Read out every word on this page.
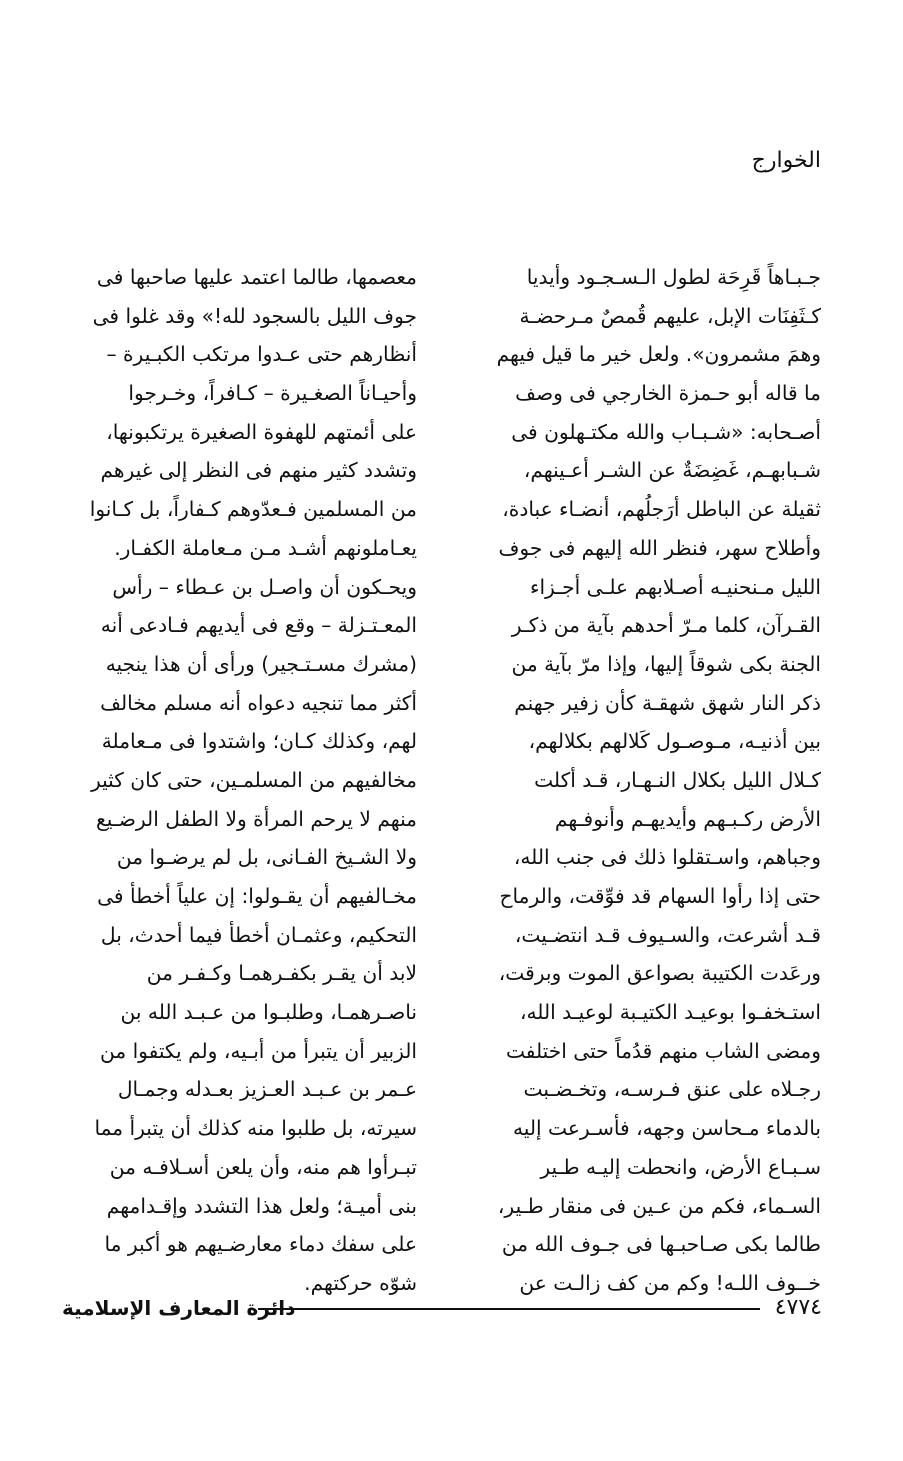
الخوارج
جـبـاهاً قَرِحَة لطول الـسـجـود وأيديا
كـثَفِنَات الإبل، عليهم قُمصٌ مـرحضـة
وهمَ مشمرون». ولعل خير ما قيل فيهم
ما قاله أبو حـمزة الخارجي فى وصف
أصـحابه: «شـبـاب والله مكتـهلون فى
شـبابهـم، غَضِضَةٌ عن الشـر أعـينهم،
ثقيلة عن الباطل أرَجلُهم، أنضـاء عبادة،
وأطلاح سهر، فنظر الله إليهم فى جوف
الليل مـنحنيـه أصـلابهم علـى أجـزاء
القـرآن، كلما مـرّ أحدهم بآية من ذكـر
الجنة بكى شوقاً إليها، وإذا مرّ بآية من
ذكر النار شهق شهقـة كأن زفير جهنم
بين أذنيـه، مـوصـول كَلالهم بكلالهم،
كـلال الليل بكلال النـهـار، قـد أكلت
الأرض ركـبـهم وأيديهـم وأنوفـهم
وجباهم، واسـتقلوا ذلك فى جنب الله،
حتى إذا رأوا السهام قد فوِّقت، والرماح
قـد أشرعت، والسـيوف قـد انتضـيت،
ورعَدت الكتيبة بصواعق الموت وبرقت،
استـخفـوا بوعيـد الكتيـبة لوعيـد الله،
ومضى الشاب منهم قدُماً حتى اختلفت
رجـلاه على عنق فـرسـه، وتخـضـبت
بالدماء مـحاسن وجهه، فأسـرعت إليه
سـبـاع الأرض، وانحطت إليـه طـير
السـماء، فكم من عـين فى منقار طـير،
طالما بكى صـاحبـها فى جـوف الله من
خــوف اللـه! وكم من كف زالـت عن
معصمها، طالما اعتمد عليها صاحبها فى
جوف الليل بالسجود لله!» وقد غلوا فى
أنظارهم حتى عـدوا مرتكب الكبـيرة –
وأحيـاناً الصغـيرة – كـافراً، وخـرجوا
على أئمتهم للهفوة الصغيرة يرتكبونها،
وتشدد كثير منهم فى النظر إلى غيرهم
من المسلمين فـعدّوهم كـفاراً، بل كـانوا
يعـاملونهم أشـد مـن مـعاملة الكفـار.
ويحـكون أن واصـل بن عـطاء – رأس
المعـتـزلة – وقع فى أيديهم فـادعى أنه
(مشرك مسـتـجير) ورأى أن هذا ينجيه
أكثر مما تنجيه دعواه أنه مسلم مخالف
لهم، وكذلك كـان؛ واشتدوا فى مـعاملة
مخالفيهم من المسلمـين، حتى كان كثير
منهم لا يرحم المرأة ولا الطفل الرضـيع
ولا الشـيخ الفـانى، بل لم يرضـوا من
مخـالفيهم أن يقـولوا: إن علياً أخطأ فى
التحكيم، وعثمـان أخطأ فيما أحدث، بل
لابد أن يقـر بكفـرهمـا وكـفـر من
ناصـرهمـا، وطلبـوا من عـبـد الله بن
الزبير أن يتبرأ من أبـيه، ولم يكتفوا من
عـمر بن عـبـد العـزيز بعـدله وجمـال
سيرته، بل طلبوا منه كذلك أن يتبرأ مما
تبـرأوا هم منه، وأن يلعن أسـلافـه من
بنى أميـة؛ ولعل هذا التشدد وإقـدامهم
على سفك دماء معارضـيهم هو أكبر ما
شوّه حركتهم.
٤٧٧٤
دائرة المعارف الإسلامية
